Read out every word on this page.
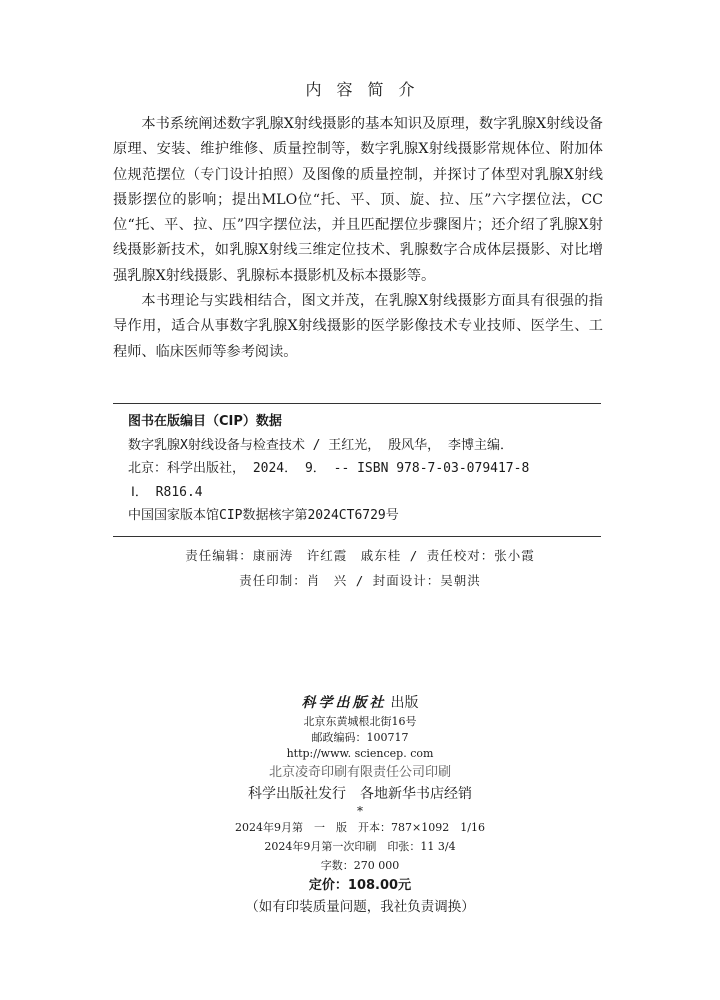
内容简介

本书系统阐述数字乳腺X射线摄影的基本知识及原理，数字乳腺X射线设备原理、安装、维护维修、质量控制等，数字乳腺X射线摄影常规体位、附加体位规范摆位（专门设计拍照）及图像的质量控制，并探讨了体型对乳腺X射线摄影摆位的影响；提出MLO位“托、平、顶、旋、拉、压”六字摆位法，CC位“托、平、拉、压”四字摆位法，并且匹配摆位步骤图片；还介绍了乳腺X射线摄影新技术，如乳腺X射线三维定位技术、乳腺数字合成体层摄影、对比增强乳腺X射线摄影、乳腺标本摄影机及标本摄影等。

本书理论与实践相结合，图文并茂，在乳腺X射线摄影方面具有很强的指导作用，适合从事数字乳腺X射线摄影的医学影像技术专业技师、医学生、工程师、临床医师等参考阅读。

图书在版编目（CIP）数据
数字乳腺X射线设备与检查技术 / 王红光， 殷风华， 李博主编．
北京：科学出版社， 2024． 9． -- ISBN 978-7-03-079417-8
Ⅰ． R816.4
中国国家版本馆CIP数据核字第2024CT6729号
责任编辑：康丽涛　许红霞　戚东桂 / 责任校对：张小霞
责任印制：肖　兴 / 封面设计：吴朝洪
科学出版社 出版
北京东黄城根北街16号
邮政编码：100717
http://www. sciencep. com
北京凌奇印刷有限责任公司印刷
科学出版社发行　各地新华书店经销
*
2024年9月第　一　版　开本：787×1092　1/16
2024年9月第一次印刷　印张：11 3/4
字数：270 000
定价：108.00元
（如有印装质量问题，我社负责调换）
